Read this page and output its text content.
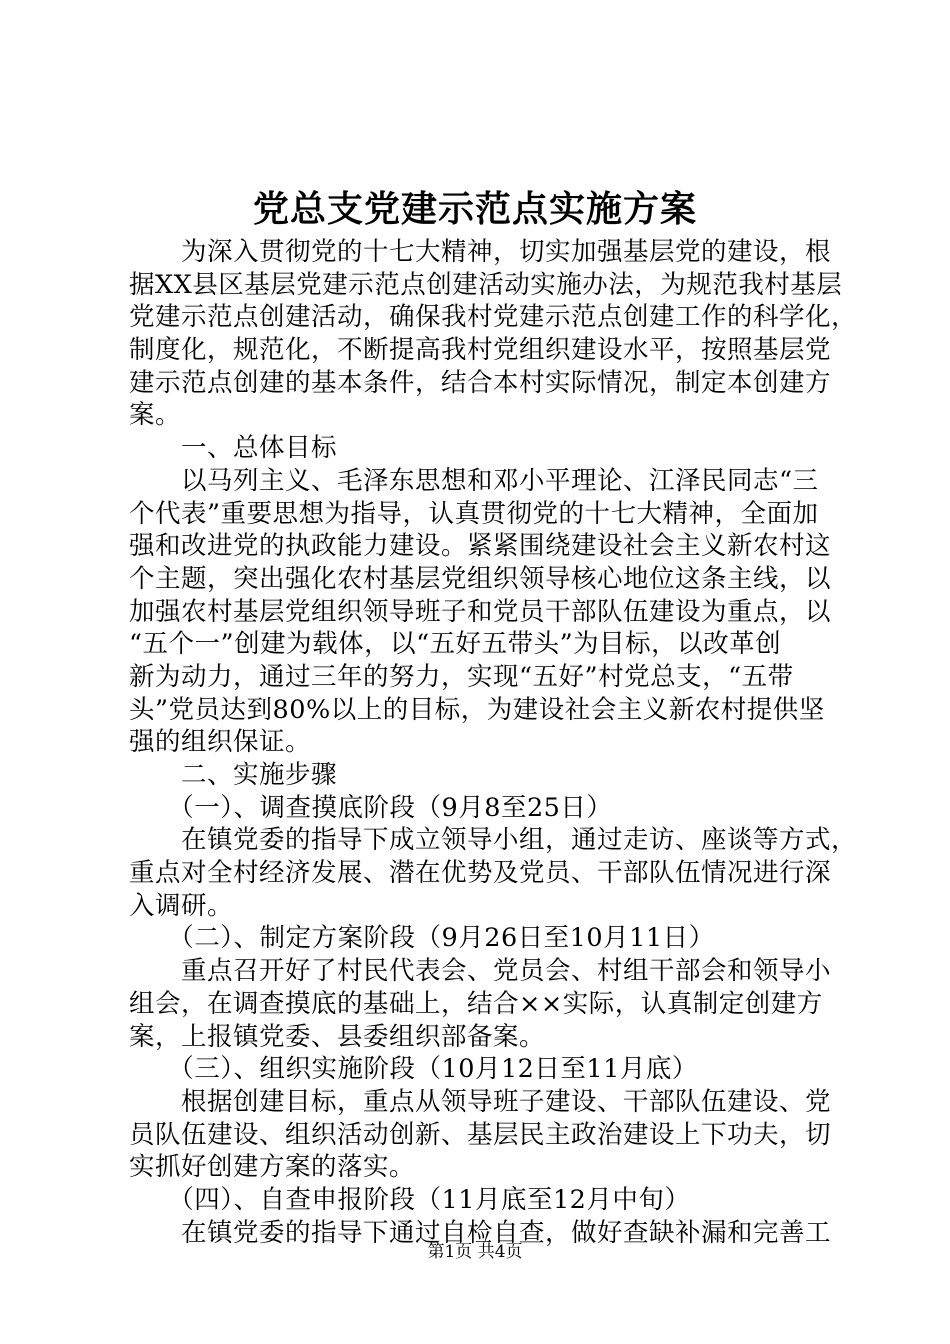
党总支党建示范点实施方案
　　为深入贯彻党的十七大精神，切实加强基层党的建设，根
据XX县区基层党建示范点创建活动实施办法，为规范我村基层
党建示范点创建活动，确保我村党建示范点创建工作的科学化，
制度化，规范化，不断提高我村党组织建设水平，按照基层党
建示范点创建的基本条件，结合本村实际情况，制定本创建方
案。
　　一、总体目标
　　以马列主义、毛泽东思想和邓小平理论、江泽民同志“三
个代表”重要思想为指导，认真贯彻党的十七大精神，全面加
强和改进党的执政能力建设。紧紧围绕建设社会主义新农村这
个主题，突出强化农村基层党组织领导核心地位这条主线，以
加强农村基层党组织领导班子和党员干部队伍建设为重点，以
“五个一”创建为载体，以“五好五带头”为目标，以改革创
新为动力，通过三年的努力，实现“五好”村党总支，“五带
头”党员达到80%以上的目标，为建设社会主义新农村提供坚
强的组织保证。
　　二、实施步骤
　　（一）、调查摸底阶段（9月8至25日）
　　在镇党委的指导下成立领导小组，通过走访、座谈等方式，
重点对全村经济发展、潜在优势及党员、干部队伍情况进行深
入调研。
　　（二）、制定方案阶段（9月26日至10月11日）
　　重点召开好了村民代表会、党员会、村组干部会和领导小
组会，在调查摸底的基础上，结合××实际，认真制定创建方
案，上报镇党委、县委组织部备案。
　　（三）、组织实施阶段（10月12日至11月底）
　　根据创建目标，重点从领导班子建设、干部队伍建设、党
员队伍建设、组织活动创新、基层民主政治建设上下功夫，切
实抓好创建方案的落实。
　　（四）、自查申报阶段（11月底至12月中旬）
　　在镇党委的指导下通过自检自查，做好查缺补漏和完善工
第1页 共4页
